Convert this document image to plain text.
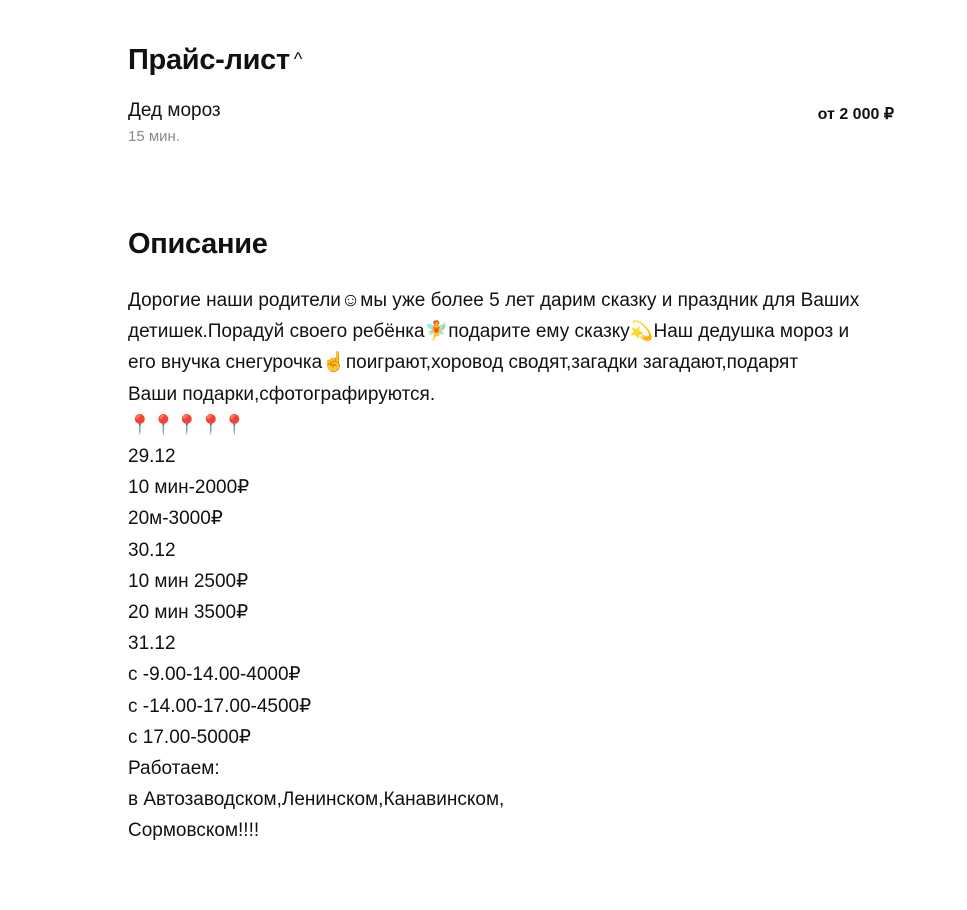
Прайс-лист ^
Дед мороз
15 мин.
от 2 000 ₽
Описание

Дорогие наши родители☺мы уже более 5 лет дарим сказку и праздник для Ваших
детишек.Порадуй своего ребёнка🧚подарите ему сказку💫Наш дедушка мороз и
его внучка снегурочка☝поиграют,хоровод сводят,загадки загадают,подарят
Ваши подарки,сфотографируются.
📍📍📍📍📍
29.12
10 мин-2000₽
20м-3000₽
30.12
10 мин 2500₽
20 мин 3500₽
31.12
с -9.00-14.00-4000₽
с -14.00-17.00-4500₽
с 17.00-5000₽
Работаем:
в Автозаводском,Ленинском,Канавинском,
Сормовском!!!!
